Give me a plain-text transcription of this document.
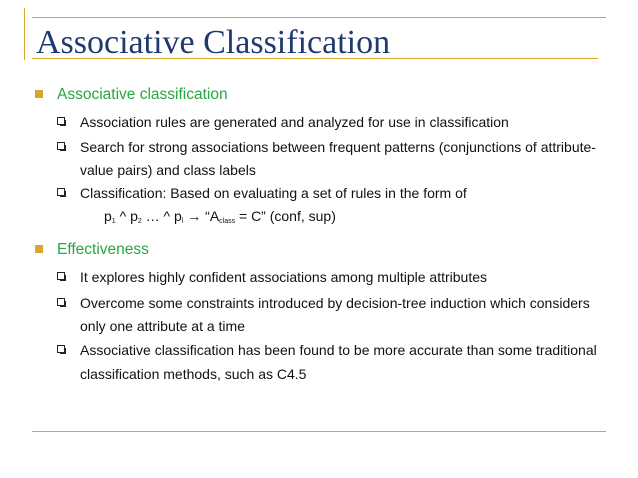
Associative Classification
Associative classification
Association rules are generated and analyzed for use in classification
Search for strong associations between frequent patterns (conjunctions of attribute-
value pairs) and class labels
Classification: Based on evaluating a set of rules in the form of
$p_1$ ^ $p_2$ … ^ $p_l$ → “$A_{class} = C$” (conf, sup)
Effectiveness
It explores highly confident associations among multiple attributes
Overcome some constraints introduced by decision-tree induction which considers
only one attribute at a time
Associative classification has been found to be more accurate than some traditional
classification methods, such as C4.5
